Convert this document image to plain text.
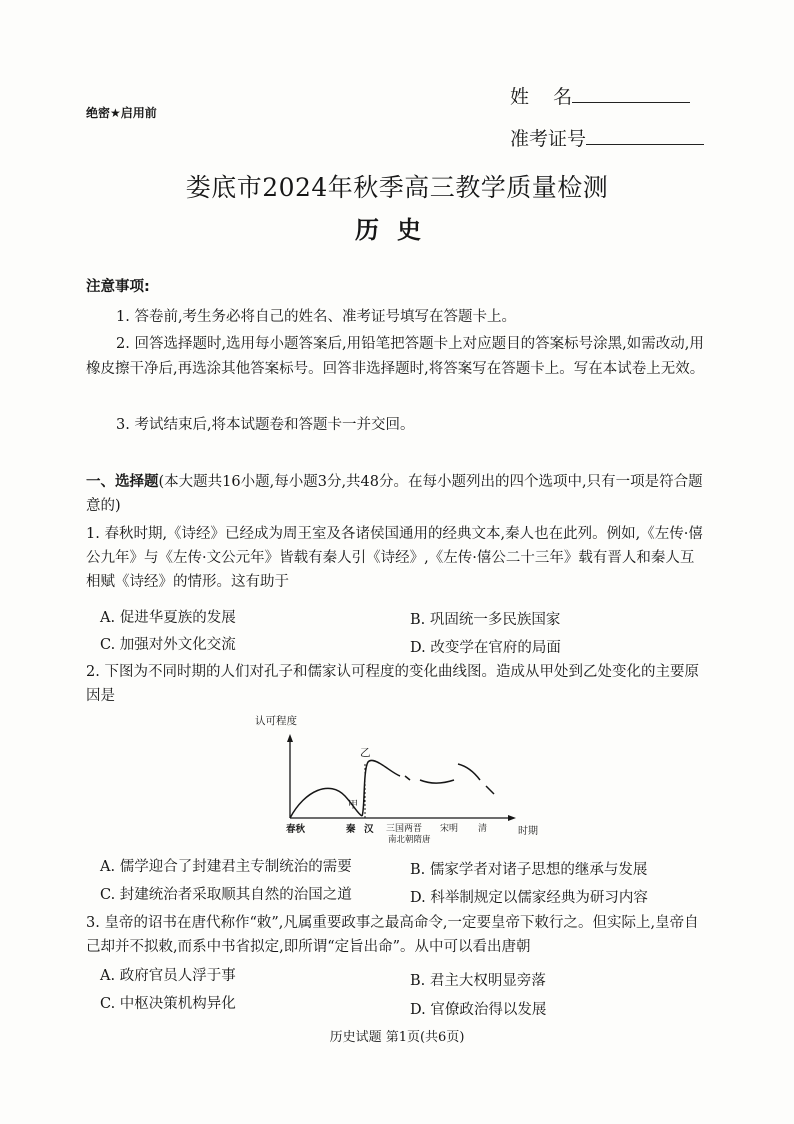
绝密★启用前
姓    名
准考证号
娄底市2024年秋季高三教学质量检测
历史
注意事项:
1. 答卷前,考生务必将自己的姓名、准考证号填写在答题卡上。
2. 回答选择题时,选用每小题答案后,用铅笔把答题卡上对应题目的答案标号涂黑,如需改动,用橡皮擦干净后,再选涂其他答案标号。回答非选择题时,将答案写在答题卡上。写在本试卷上无效。
3. 考试结束后,将本试题卷和答题卡一并交回。
一、选择题(本大题共16小题,每小题3分,共48分。在每小题列出的四个选项中,只有一项是符合题意的)
1. 春秋时期,《诗经》已经成为周王室及各诸侯国通用的经典文本,秦人也在此列。例如,《左传·僖公九年》与《左传·文公元年》皆载有秦人引《诗经》,《左传·僖公二十三年》载有晋人和秦人互相赋《诗经》的情形。这有助于
A. 促进华夏族的发展	B. 巩固统一多民族国家
C. 加强对外文化交流	D. 改变学在官府的局面
2. 下图为不同时期的人们对孔子和儒家认可程度的变化曲线图。造成从甲处到乙处变化的主要原因是
认可程度
时期
甲
乙
春秋	秦 汉 三国两晋
南北朝隋唐
宋明 清
A. 儒学迎合了封建君主专制统治的需要	B. 儒家学者对诸子思想的继承与发展
C. 封建统治者采取顺其自然的治国之道	D. 科举制规定以儒家经典为研习内容
3. 皇帝的诏书在唐代称作“敕”,凡属重要政事之最高命令,一定要皇帝下敕行之。但实际上,皇帝自己却并不拟敕,而系中书省拟定,即所谓“定旨出命”。从中可以看出唐朝
A. 政府官员人浮于事	B. 君主大权明显旁落
C. 中枢决策机构异化	D. 官僚政治得以发展
历史试题 第1页(共6页)
